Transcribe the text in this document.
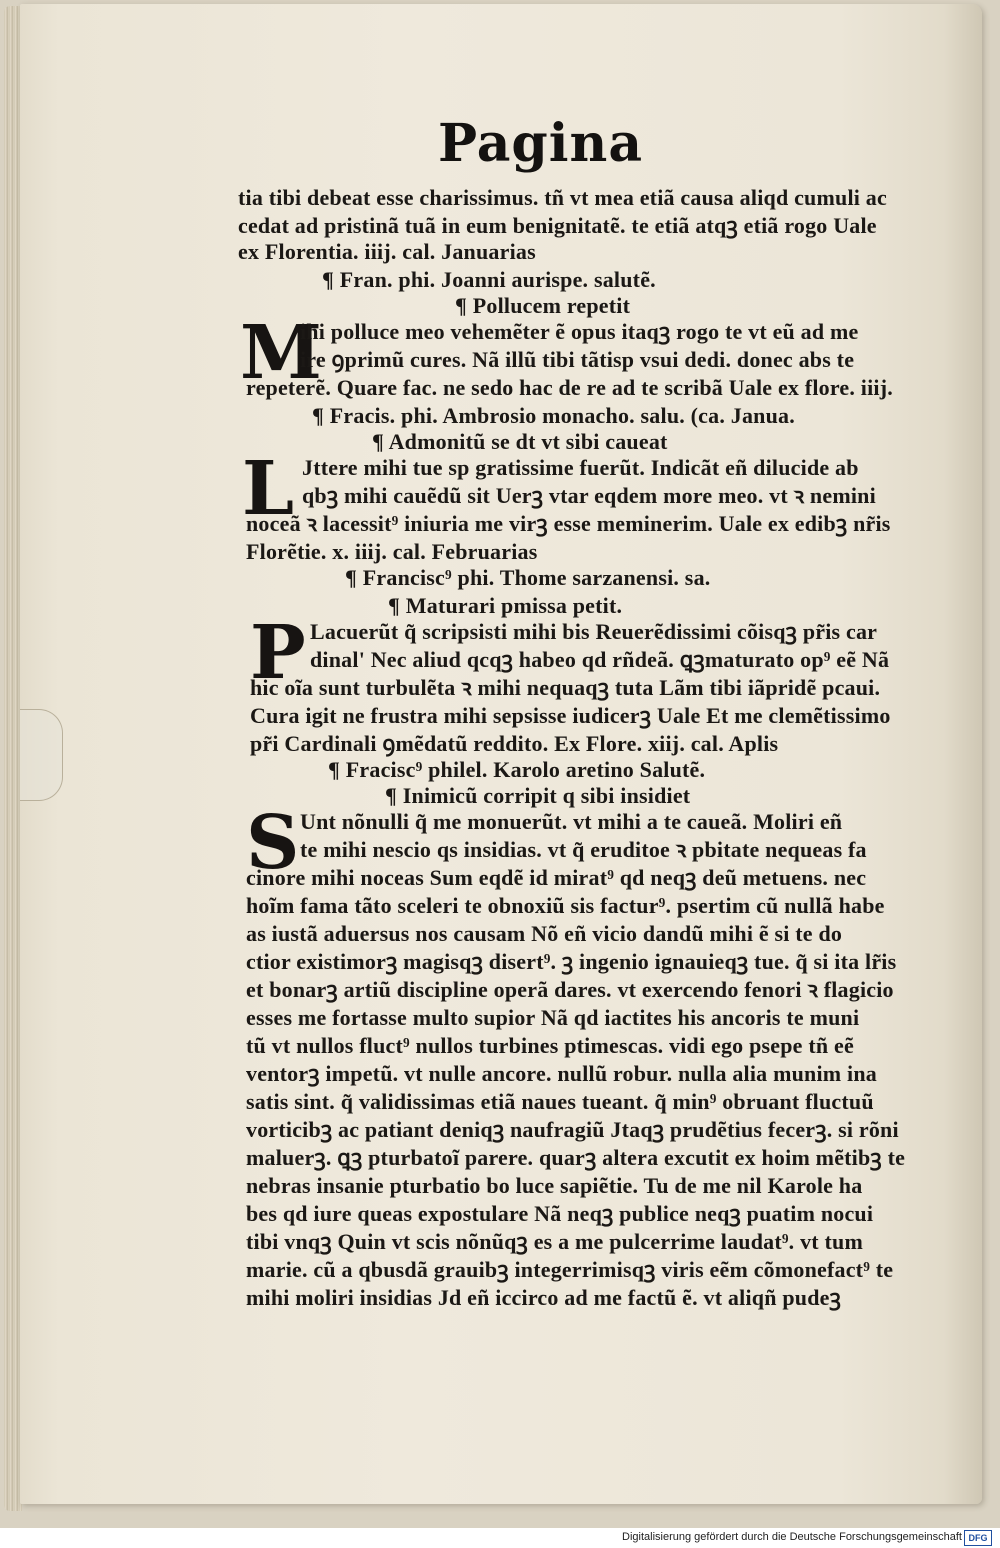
Pagina
tia tibi debeat esse charissimus. tñ vt mea etiã causa aliqd cumuli ac
cedat ad pristinã tuã in eum benignitatẽ. te etiã atqꝫ etiã rogo Uale
ex Florentia. iiij. cal. Januarias
¶ Fran. phi. Joanni aurispe. salutẽ.
¶ Pollucem repetit
M
ihi polluce meo vehemẽter ẽ opus itaqꝫ rogo te vt eũ ad me
ire ꝯprimũ cures. Nã illũ tibi tãtisp vsui dedi. donec abs te
repeterẽ. Quare fac. ne sedo hac de re ad te scribã Uale ex flore. iiij.
¶ Fracis. phi. Ambrosio monacho. salu. (ca. Janua.
¶ Admonitũ se dt vt sibi caueat
L Jttere mihi tue sp gratissime fuerũt. Indicãt eñ dilucide ab
qbꝫ mihi cauẽdũ sit Uerꝫ vtar eqdem more meo. vt ꝛ nemini
noceã ꝛ lacessit⁹ iniuria me virꝫ esse meminerim. Uale ex edibꝫ nr̃is
Florẽtie. x. iiij. cal. Februarias
¶ Francisc⁹ phi. Thome sarzanensi. sa.
¶ Maturari pmissa petit.
P Lacuerũt q̃ scripsisti mihi bis Reuerẽdissimi cõisqꝫ pr̃is car
dinal' Nec aliud qcqꝫ habeo qd rñdeã. ꝗꝫmaturato op⁹ eẽ Nã
hic oĩa sunt turbulẽta ꝛ mihi nequaqꝫ tuta Lãm tibi iãpridẽ pcaui.
Cura igit ne frustra mihi sepsisse iudicerꝫ Uale Et me clemẽtissimo
pr̃i Cardinali ꝯmẽdatũ reddito. Ex Flore. xiij. cal. Aplis
¶ Fracisc⁹ philel. Karolo aretino Salutẽ.
¶ Inimicũ corripit q sibi insidiet
S Unt nõnulli q̃ me monuerũt. vt mihi a te caueã. Moliri eñ
te mihi nescio qs insidias. vt q̃ eruditoe ꝛ pbitate nequeas fa
cinore mihi noceas Sum eqdẽ id mirat⁹ qd neqꝫ deũ metuens. nec
hoĩm fama tãto sceleri te obnoxiũ sis factur⁹. psertim cũ nullã habe
as iustã aduersus nos causam Nõ eñ vicio dandũ mihi ẽ si te do
ctior existimorꝫ magisqꝫ disert⁹. ꝫ ingenio ignauieqꝫ tue. q̃ si ita lr̃is
et bonarꝫ artiũ discipline operã dares. vt exercendo fenori ꝛ flagicio
esses me fortasse multo supior Nã qd iactites his ancoris te muni
tũ vt nullos fluct⁹ nullos turbines ptimescas. vidi ego psepe tñ eẽ
ventorꝫ impetũ. vt nulle ancore. nullũ robur. nulla alia munim ina
satis sint. q̃ validissimas etiã naues tueant. q̃ min⁹ obruant fluctuũ
vorticibꝫ ac patiant deniqꝫ naufragiũ Jtaqꝫ prudẽtius fecerꝫ. si rõni
maluerꝫ. ꝗꝫ pturbatoĩ parere. quarꝫ altera excutit ex hoim mẽtibꝫ te
nebras insanie pturbatio bo luce sapiẽtie. Tu de me nil Karole ha
bes qd iure queas expostulare Nã neqꝫ publice neqꝫ puatim nocui
tibi vnqꝫ Quin vt scis nõnũqꝫ es a me pulcerrime laudat⁹. vt tum
marie. cũ a qbusdã grauibꝫ integerrimisqꝫ viris eẽm cõmonefact⁹ te
mihi moliri insidias Jd eñ iccirco ad me factũ ẽ. vt aliqñ pudeꝫ
Digitalisierung gefördert durch die Deutsche Forschungsgemeinschaft DFG
